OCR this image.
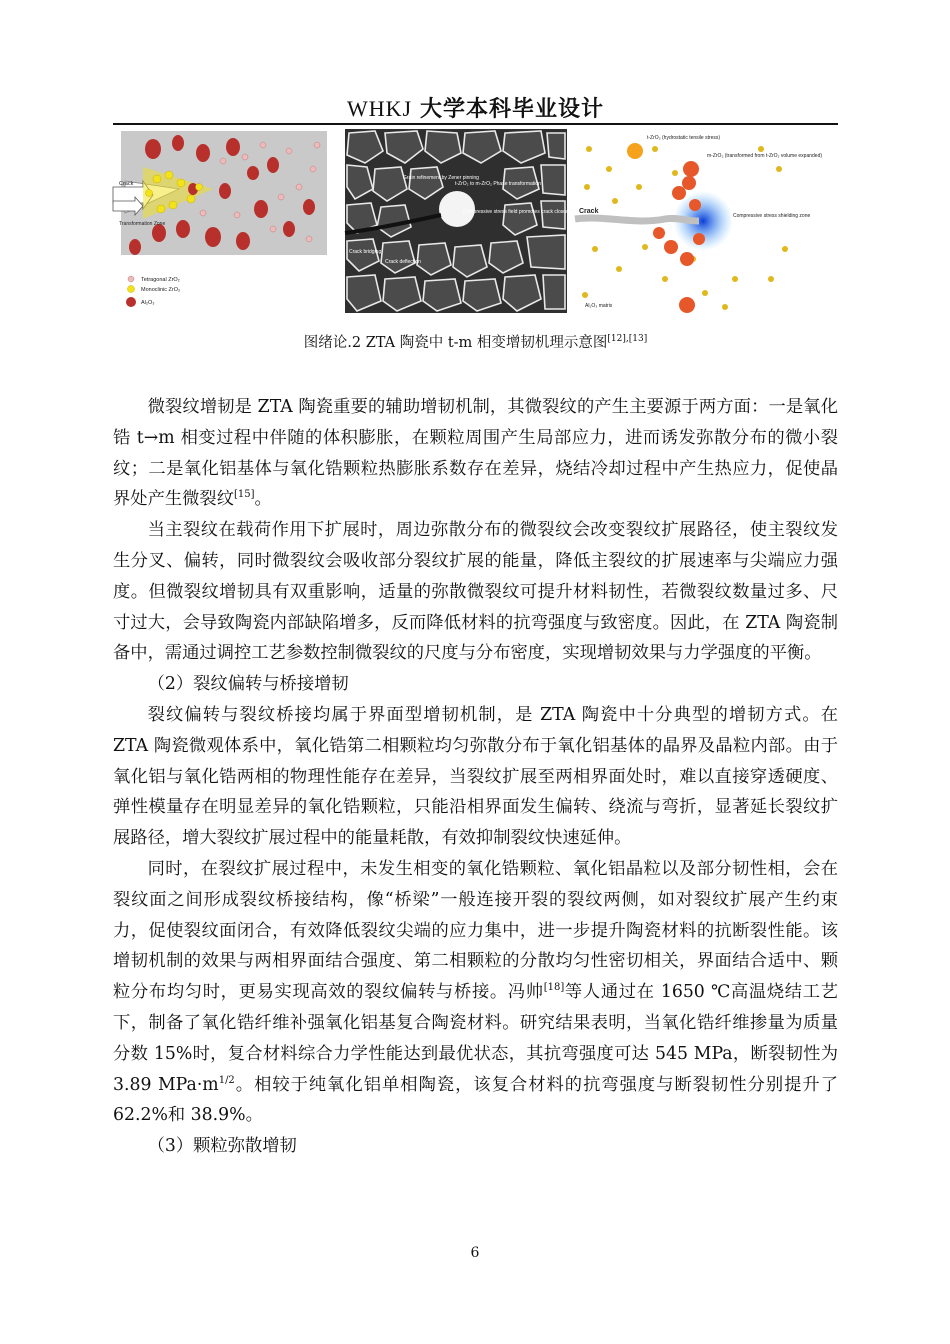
WHKJ 大学本科毕业设计
Crack
Transformation Zone
Tetragonal ZrO₂
Monoclinic ZrO₂
Al₂O₃
Grain refinement by Zener pinning
t-ZrO₂ to m-ZrO₂ Phase transformation
Compressive stress field promotes crack closure
Crack bridging
Crack deflection
t-ZrO₂ (hydrostatic tensile stress)
m-ZrO₂ (transformed from t-ZrO₂ volume expanded)
Crack
Compressive stress shielding zone
Al₂O₃ matrix
图绪论.2 ZTA 陶瓷中 t-m 相变增韧机理示意图[12],[13]

微裂纹增韧是 ZTA 陶瓷重要的辅助增韧机制，其微裂纹的产生主要源于两方面：一是氧化锆 t→m 相变过程中伴随的体积膨胀，在颗粒周围产生局部应力，进而诱发弥散分布的微小裂纹；二是氧化铝基体与氧化锆颗粒热膨胀系数存在差异，烧结冷却过程中产生热应力，促使晶界处产生微裂纹[15]。

当主裂纹在载荷作用下扩展时，周边弥散分布的微裂纹会改变裂纹扩展路径，使主裂纹发生分叉、偏转，同时微裂纹会吸收部分裂纹扩展的能量，降低主裂纹的扩展速率与尖端应力强度。但微裂纹增韧具有双重影响，适量的弥散微裂纹可提升材料韧性，若微裂纹数量过多、尺寸过大，会导致陶瓷内部缺陷增多，反而降低材料的抗弯强度与致密度。因此，在 ZTA 陶瓷制备中，需通过调控工艺参数控制微裂纹的尺度与分布密度，实现增韧效果与力学强度的平衡。

（2）裂纹偏转与桥接增韧

裂纹偏转与裂纹桥接均属于界面型增韧机制，是 ZTA 陶瓷中十分典型的增韧方式。在 ZTA 陶瓷微观体系中，氧化锆第二相颗粒均匀弥散分布于氧化铝基体的晶界及晶粒内部。由于氧化铝与氧化锆两相的物理性能存在差异，当裂纹扩展至两相界面处时，难以直接穿透硬度、弹性模量存在明显差异的氧化锆颗粒，只能沿相界面发生偏转、绕流与弯折，显著延长裂纹扩展路径，增大裂纹扩展过程中的能量耗散，有效抑制裂纹快速延伸。

同时，在裂纹扩展过程中，未发生相变的氧化锆颗粒、氧化铝晶粒以及部分韧性相，会在裂纹面之间形成裂纹桥接结构，像“桥梁”一般连接开裂的裂纹两侧，如对裂纹扩展产生约束力，促使裂纹面闭合，有效降低裂纹尖端的应力集中，进一步提升陶瓷材料的抗断裂性能。该增韧机制的效果与两相界面结合强度、第二相颗粒的分散均匀性密切相关，界面结合适中、颗粒分布均匀时，更易实现高效的裂纹偏转与桥接。冯帅[18]等人通过在 1650 ℃高温烧结工艺下，制备了氧化锆纤维补强氧化铝基复合陶瓷材料。研究结果表明，当氧化锆纤维掺量为质量分数 15%时，复合材料综合力学性能达到最优状态，其抗弯强度可达 545 MPa，断裂韧性为 3.89 $MPa\cdot m^{1/2}$。相较于纯氧化铝单相陶瓷，该复合材料的抗弯强度与断裂韧性分别提升了 62.2%和 38.9%。

（3）颗粒弥散增韧

6
